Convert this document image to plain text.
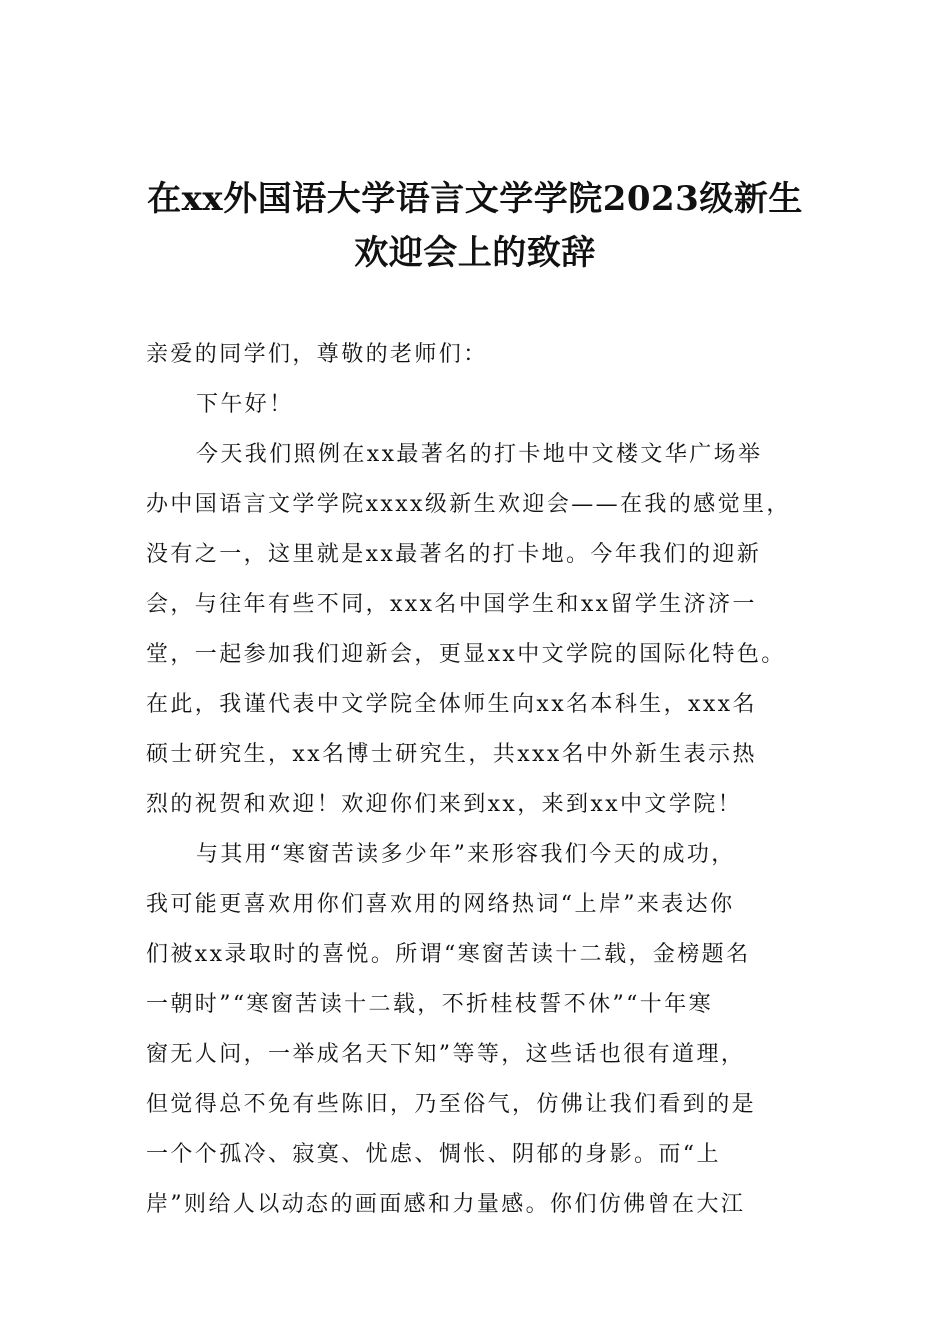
在xx外国语大学语言文学学院2023级新生
欢迎会上的致辞
亲爱的同学们，尊敬的老师们：
下午好！
今天我们照例在xx最著名的打卡地中文楼文华广场举
办中国语言文学学院xxxx级新生欢迎会——在我的感觉里，
没有之一，这里就是xx最著名的打卡地。今年我们的迎新
会，与往年有些不同，xxx名中国学生和xx留学生济济一
堂，一起参加我们迎新会，更显xx中文学院的国际化特色。
在此，我谨代表中文学院全体师生向xx名本科生，xxx名
硕士研究生，xx名博士研究生，共xxx名中外新生表示热
烈的祝贺和欢迎！欢迎你们来到xx，来到xx中文学院！
与其用“寒窗苦读多少年”来形容我们今天的成功，
我可能更喜欢用你们喜欢用的网络热词“上岸”来表达你
们被xx录取时的喜悦。所谓“寒窗苦读十二载，金榜题名
一朝时”“寒窗苦读十二载，不折桂枝誓不休”“十年寒
窗无人问，一举成名天下知”等等，这些话也很有道理，
但觉得总不免有些陈旧，乃至俗气，仿佛让我们看到的是
一个个孤冷、寂寞、忧虑、惆怅、阴郁的身影。而“上
岸”则给人以动态的画面感和力量感。你们仿佛曾在大江
